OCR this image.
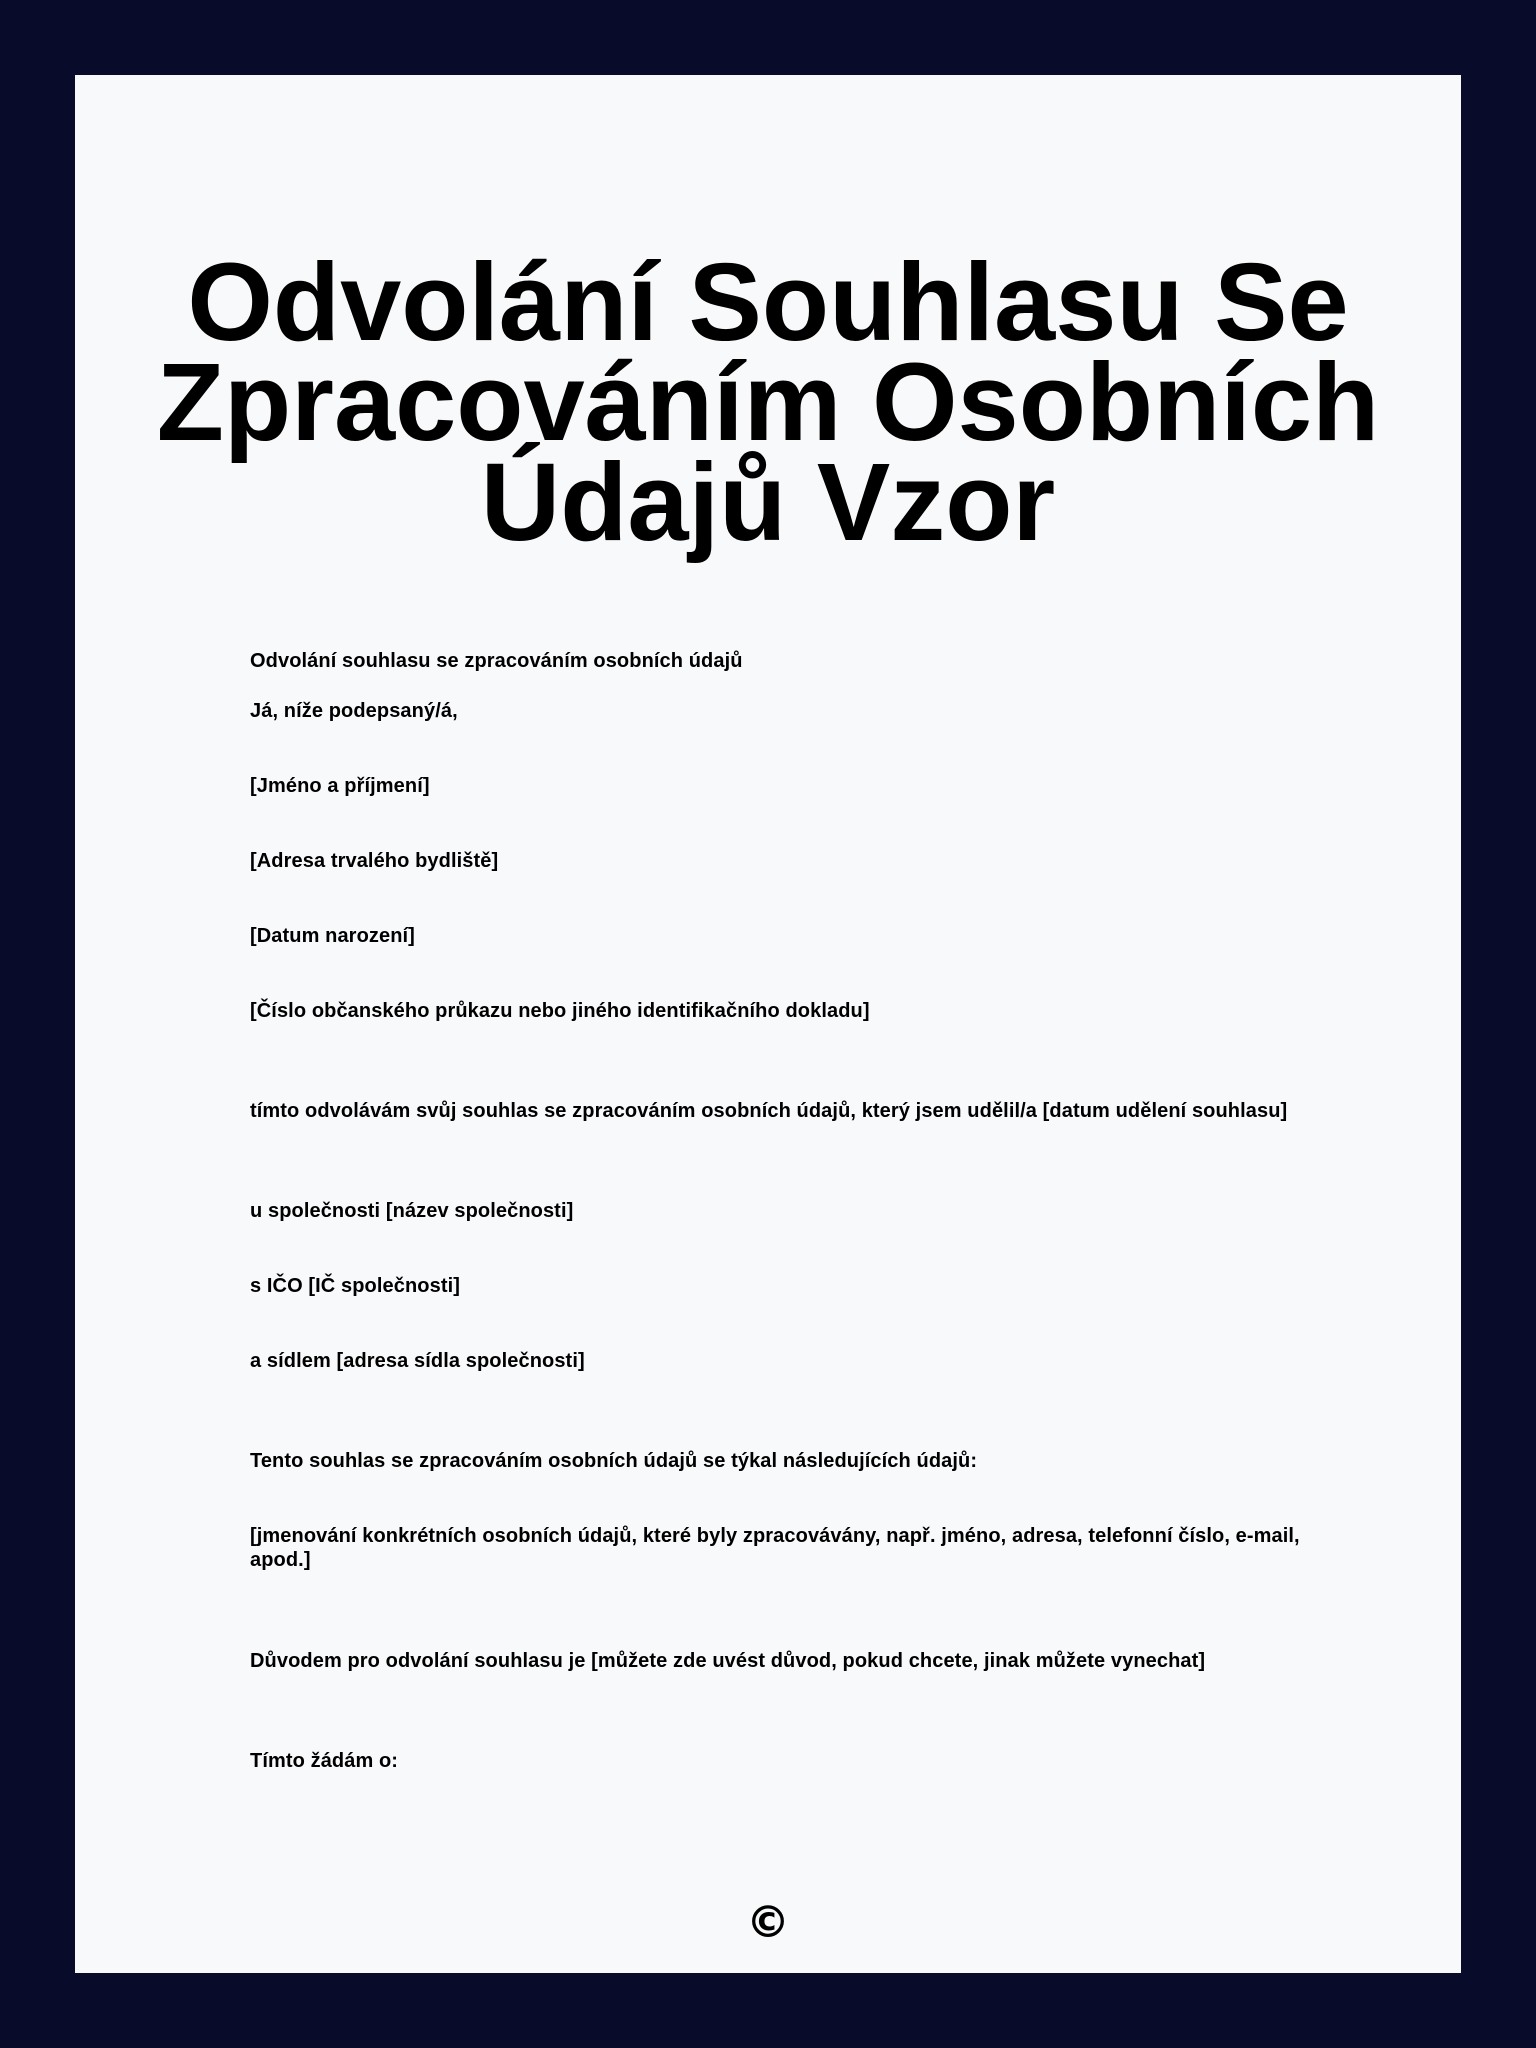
Odvolání Souhlasu Se Zpracováním Osobních Údajů Vzor

Odvolání souhlasu se zpracováním osobních údajů

Já, níže podepsaný/á,

[Jméno a příjmení]

[Adresa trvalého bydliště]

[Datum narození]

[Číslo občanského průkazu nebo jiného identifikačního dokladu]

tímto odvolávám svůj souhlas se zpracováním osobních údajů, který jsem udělil/a [datum udělení souhlasu]

u společnosti [název společnosti]

s IČO [IČ společnosti]

a sídlem [adresa sídla společnosti]

Tento souhlas se zpracováním osobních údajů se týkal následujících údajů:

[jmenování konkrétních osobních údajů, které byly zpracovávány, např. jméno, adresa, telefonní číslo, e-mail, apod.]

Důvodem pro odvolání souhlasu je [můžete zde uvést důvod, pokud chcete, jinak můžete vynechat]

Tímto žádám o:

©
